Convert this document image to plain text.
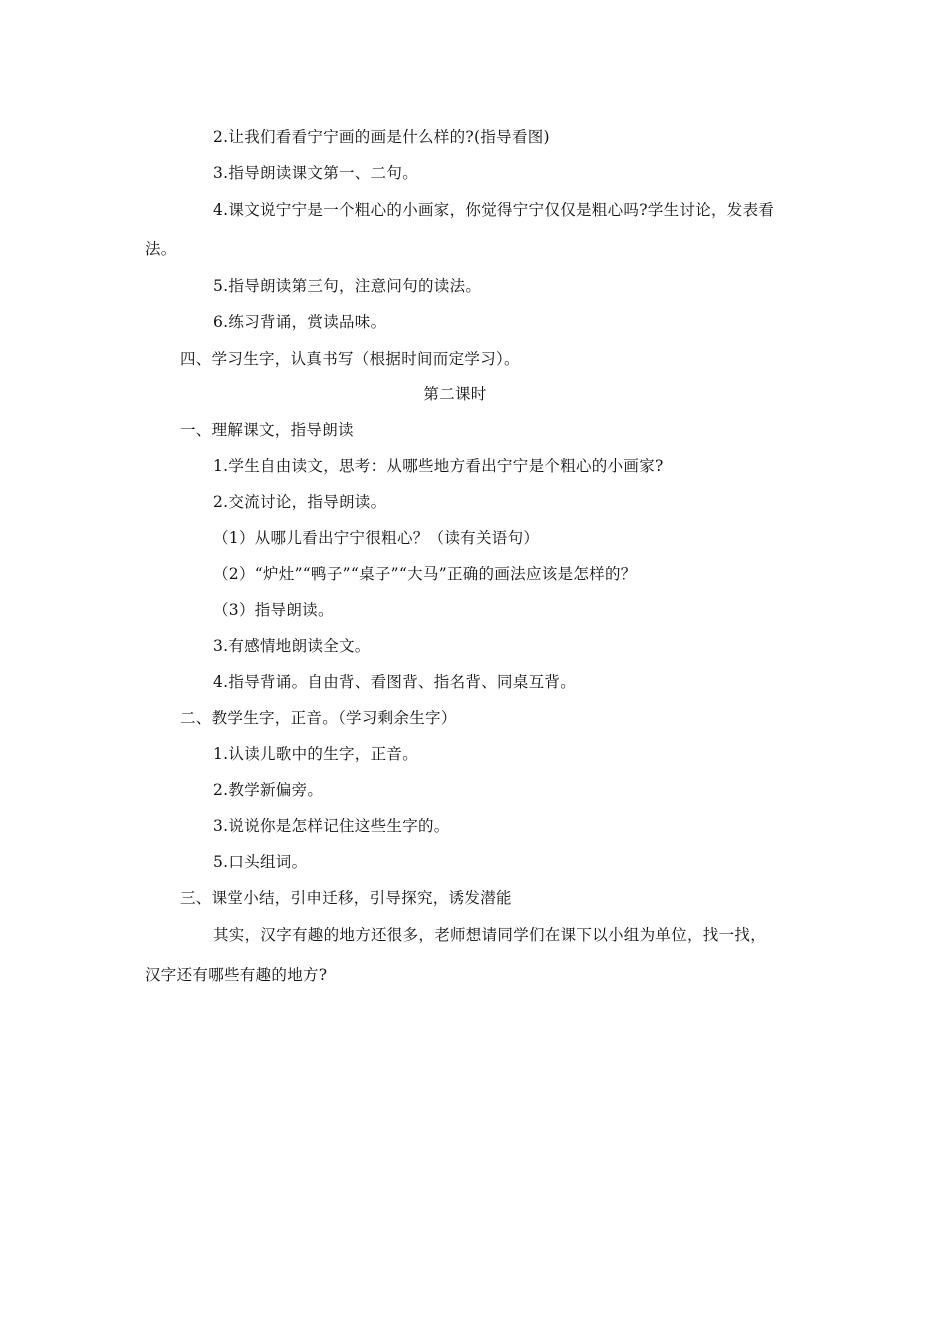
2.让我们看看宁宁画的画是什么样的?(指导看图)
3.指导朗读课文第一、二句。
4.课文说宁宁是一个粗心的小画家，你觉得宁宁仅仅是粗心吗?学生讨论，发表看
法。
5.指导朗读第三句，注意问句的读法。
6.练习背诵，赏读品味。
四、学习生字，认真书写（根据时间而定学习）。
第二课时
一、理解课文，指导朗读
1.学生自由读文，思考：从哪些地方看出宁宁是个粗心的小画家?
2.交流讨论，指导朗读。
（1）从哪儿看出宁宁很粗心？（读有关语句）
（2）“炉灶”“鸭子”“桌子”“大马”正确的画法应该是怎样的？
（3）指导朗读。
3.有感情地朗读全文。
4.指导背诵。自由背、看图背、指名背、同桌互背。
二、教学生字，正音。（学习剩余生字）
1.认读儿歌中的生字，正音。
2.教学新偏旁。
3.说说你是怎样记住这些生字的。
5.口头组词。
三、课堂小结，引申迁移，引导探究，诱发潜能
其实，汉字有趣的地方还很多，老师想请同学们在课下以小组为单位，找一找，
汉字还有哪些有趣的地方?
